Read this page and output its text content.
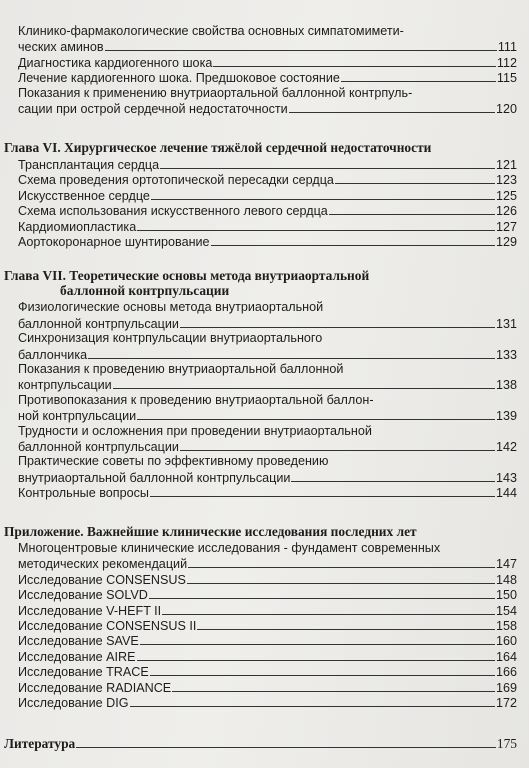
Клинико-фармакологические свойства основных симпатомимети-
ческих аминов	111
Диагностика кардиогенного шока	112
Лечение кардиогенного шока. Предшоковое состояние	115
Показания к применению внутриаортальной баллонной контрпуль-
сации при острой сердечной недостаточности	120
Глава VI. Хирургическое лечение тяжёлой сердечной недостаточности
Трансплантация сердца	121
Схема проведения ортотопической пересадки сердца	123
Искусственное сердце	125
Схема использования искусственного левого сердца	126
Кардиомиопластика	127
Аортокоронарное шунтирование	129
Глава VII. Теоретические основы метода внутриаортальной
баллонной контрпульсации
Физиологические основы метода внутриаортальной
баллонной контрпульсации	131
Синхронизация контрпульсации внутриаортального
баллончика	133
Показания к проведению внутриаортальной баллонной
контрпульсации	138
Противопоказания к проведению внутриаортальной баллон-
ной контрпульсации	139
Трудности и осложнения при проведении внутриаортальной
баллонной контрпульсации	142
Практические советы по эффективному проведению
внутриаортальной баллонной контрпульсации	143
Контрольные вопросы	144
Приложение. Важнейшие клинические исследования последних лет
Многоцентровые клинические исследования - фундамент современных
методических рекомендаций	147
Исследование CONSENSUS	148
Исследование SOLVD	150
Исследование V-HEFT II	154
Исследование CONSENSUS II	158
Исследование SAVE	160
Исследование AIRE	164
Исследование TRACE	166
Исследование RADIANCE	169
Исследование DIG	172
Литература	175
